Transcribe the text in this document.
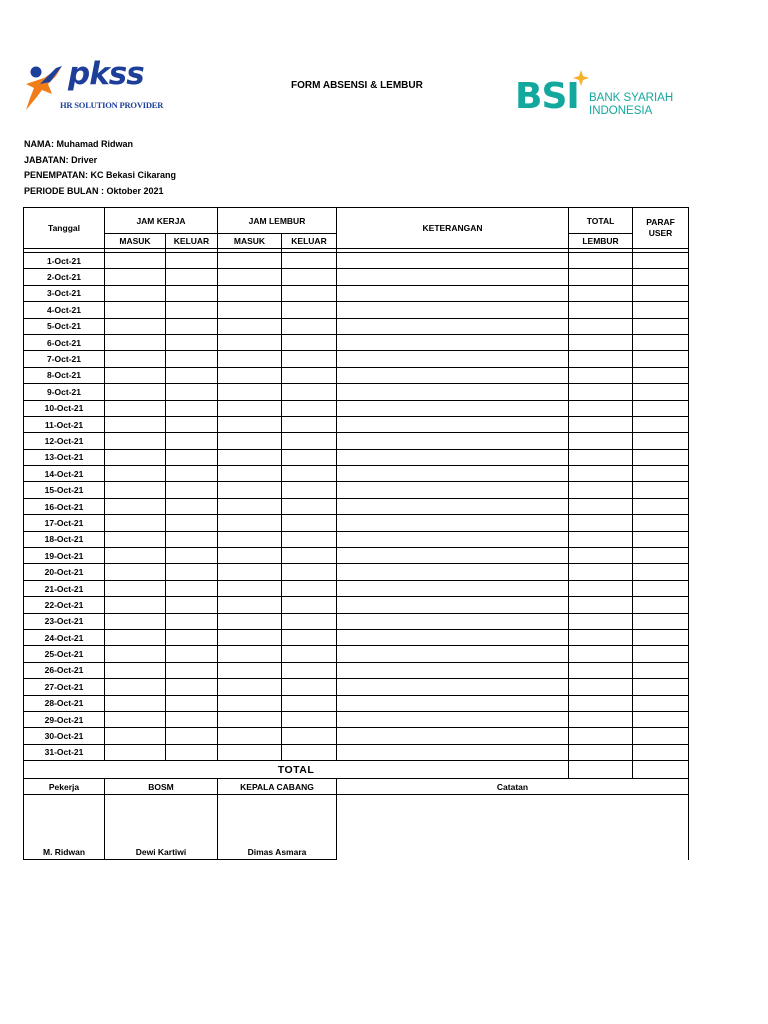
pkss
HR SOLUTION PROVIDER
FORM ABSENSI & LEMBUR	BSI BANK SYARIAH
INDONESIA
NAMA: Muhamad Ridwan
JABATAN: Driver
PENEMPATAN: KC Bekasi Cikarang
PERIODE BULAN : Oktober 2021
Tanggal	JAM KERJA		JAM LEMBUR		KETERANGAN	TOTAL	PARAF
USER

	MASUK	KELUAR	MASUK	KELUAR		LEMBUR	

1-Oct-21							
2-Oct-21							
3-Oct-21							
4-Oct-21							
5-Oct-21							
6-Oct-21							
7-Oct-21							
8-Oct-21							
9-Oct-21							
10-Oct-21							
11-Oct-21							
12-Oct-21							
13-Oct-21							
14-Oct-21							
15-Oct-21							
16-Oct-21							
17-Oct-21							
18-Oct-21							
19-Oct-21							
20-Oct-21							
21-Oct-21							
22-Oct-21							
23-Oct-21							
24-Oct-21							
25-Oct-21							
26-Oct-21							
27-Oct-21							
28-Oct-21							
29-Oct-21							
30-Oct-21							
31-Oct-21							
TOTAL							
Pekerja	BOSM		KEPALA CABANG		Catatan		

M. Ridwan	Dewi Kartiwi		Dimas Asmara				
